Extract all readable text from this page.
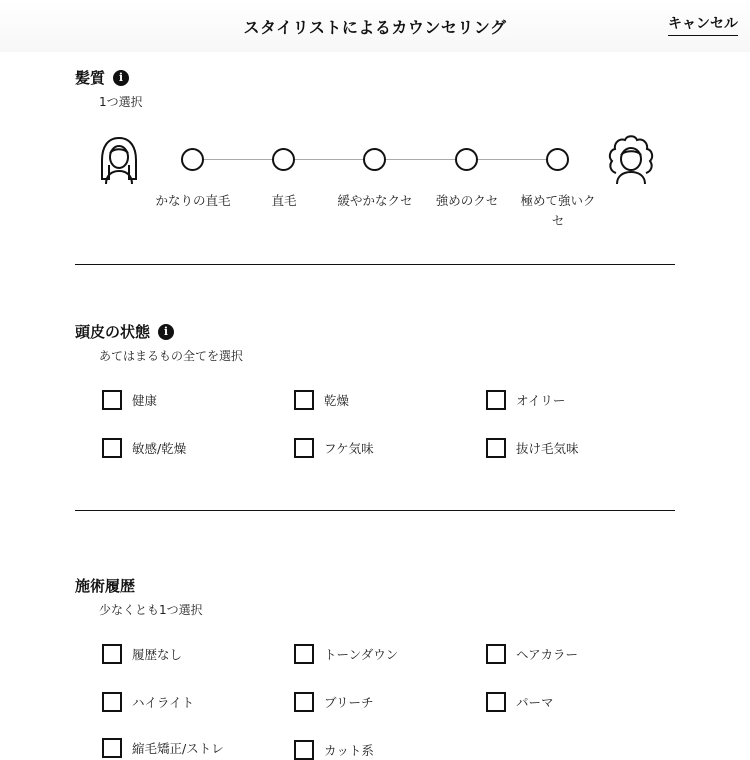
スタイリストによるカウンセリング	キャンセル
髪質	i
1つ選択
かなりの直毛	直毛	緩やかなクセ	強めのクセ	極めて強いク
セ
頭皮の状態	i
あてはまるもの全てを選択
健康	乾燥	オイリー
敏感/乾燥	フケ気味	抜け毛気味
施術履歴
少なくとも1つ選択
履歴なし	トーンダウン	ヘアカラー
ハイライト	ブリーチ	パーマ
縮毛矯正/ストレ	カット系
